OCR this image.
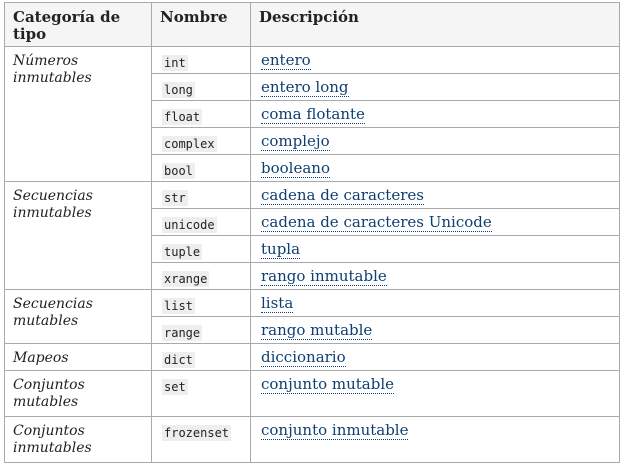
Categoría de tipo	Nombre	Descripción
Números inmutables	int	entero
	long	entero long
	float	coma flotante
	complex	complejo
	bool	booleano
Secuencias inmutables	str	cadena de caracteres
	unicode	cadena de caracteres Unicode
	tuple	tupla
	xrange	rango inmutable
Secuencias mutables	list	lista
	range	rango mutable
Mapeos	dict	diccionario
Conjuntos mutables	set	conjunto mutable
Conjuntos inmutables	frozenset	conjunto inmutable
